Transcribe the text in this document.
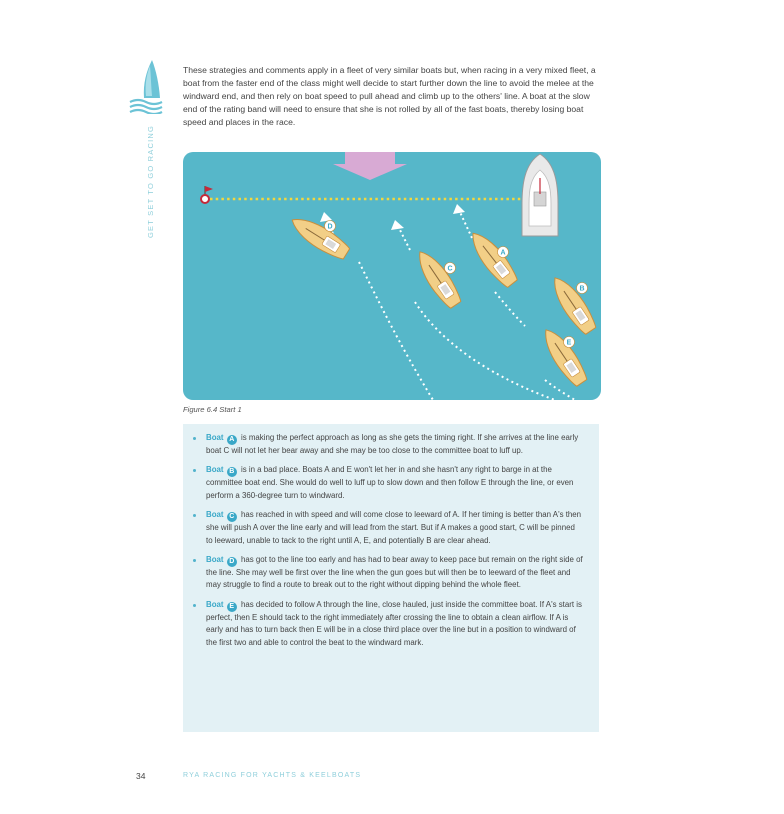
GET SET TO GO RACING

These strategies and comments apply in a fleet of very similar boats but, when racing in a very mixed fleet, a boat from the faster end of the class might well decide to start further down the line to avoid the melee at the windward end, and then rely on boat speed to pull ahead and climb up to the others' line. A boat at the slow end of the rating band will need to ensure that she is not rolled by all of the fast boats, thereby losing boat speed and places in the race.

D
C
A
B
E
Figure 6.4 Start 1
Boat A is making the perfect approach as long as she gets the timing right. If she arrives at the line early boat C will not let her bear away and she may be too close to the committee boat to luff up.
Boat B is in a bad place. Boats A and E won't let her in and she hasn't any right to barge in at the committee boat end. She would do well to luff up to slow down and then follow E through the line, or even perform a 360-degree turn to windward.
Boat C has reached in with speed and will come close to leeward of A. If her timing is better than A's then she will push A over the line early and will lead from the start. But if A makes a good start, C will be pinned to leeward, unable to tack to the right until A, E, and potentially B are clear ahead.
Boat D has got to the line too early and has had to bear away to keep pace but remain on the right side of the line. She may well be first over the line when the gun goes but will then be to leeward of the fleet and may struggle to find a route to break out to the right without dipping behind the whole fleet.
Boat E has decided to follow A through the line, close hauled, just inside the committee boat. If A's start is perfect, then E should tack to the right immediately after crossing the line to obtain a clean airflow. If A is early and has to turn back then E will be in a close third place over the line but in a position to windward of the first two and able to control the beat to the windward mark.
34	RYA RACING FOR YACHTS & KEELBOATS
